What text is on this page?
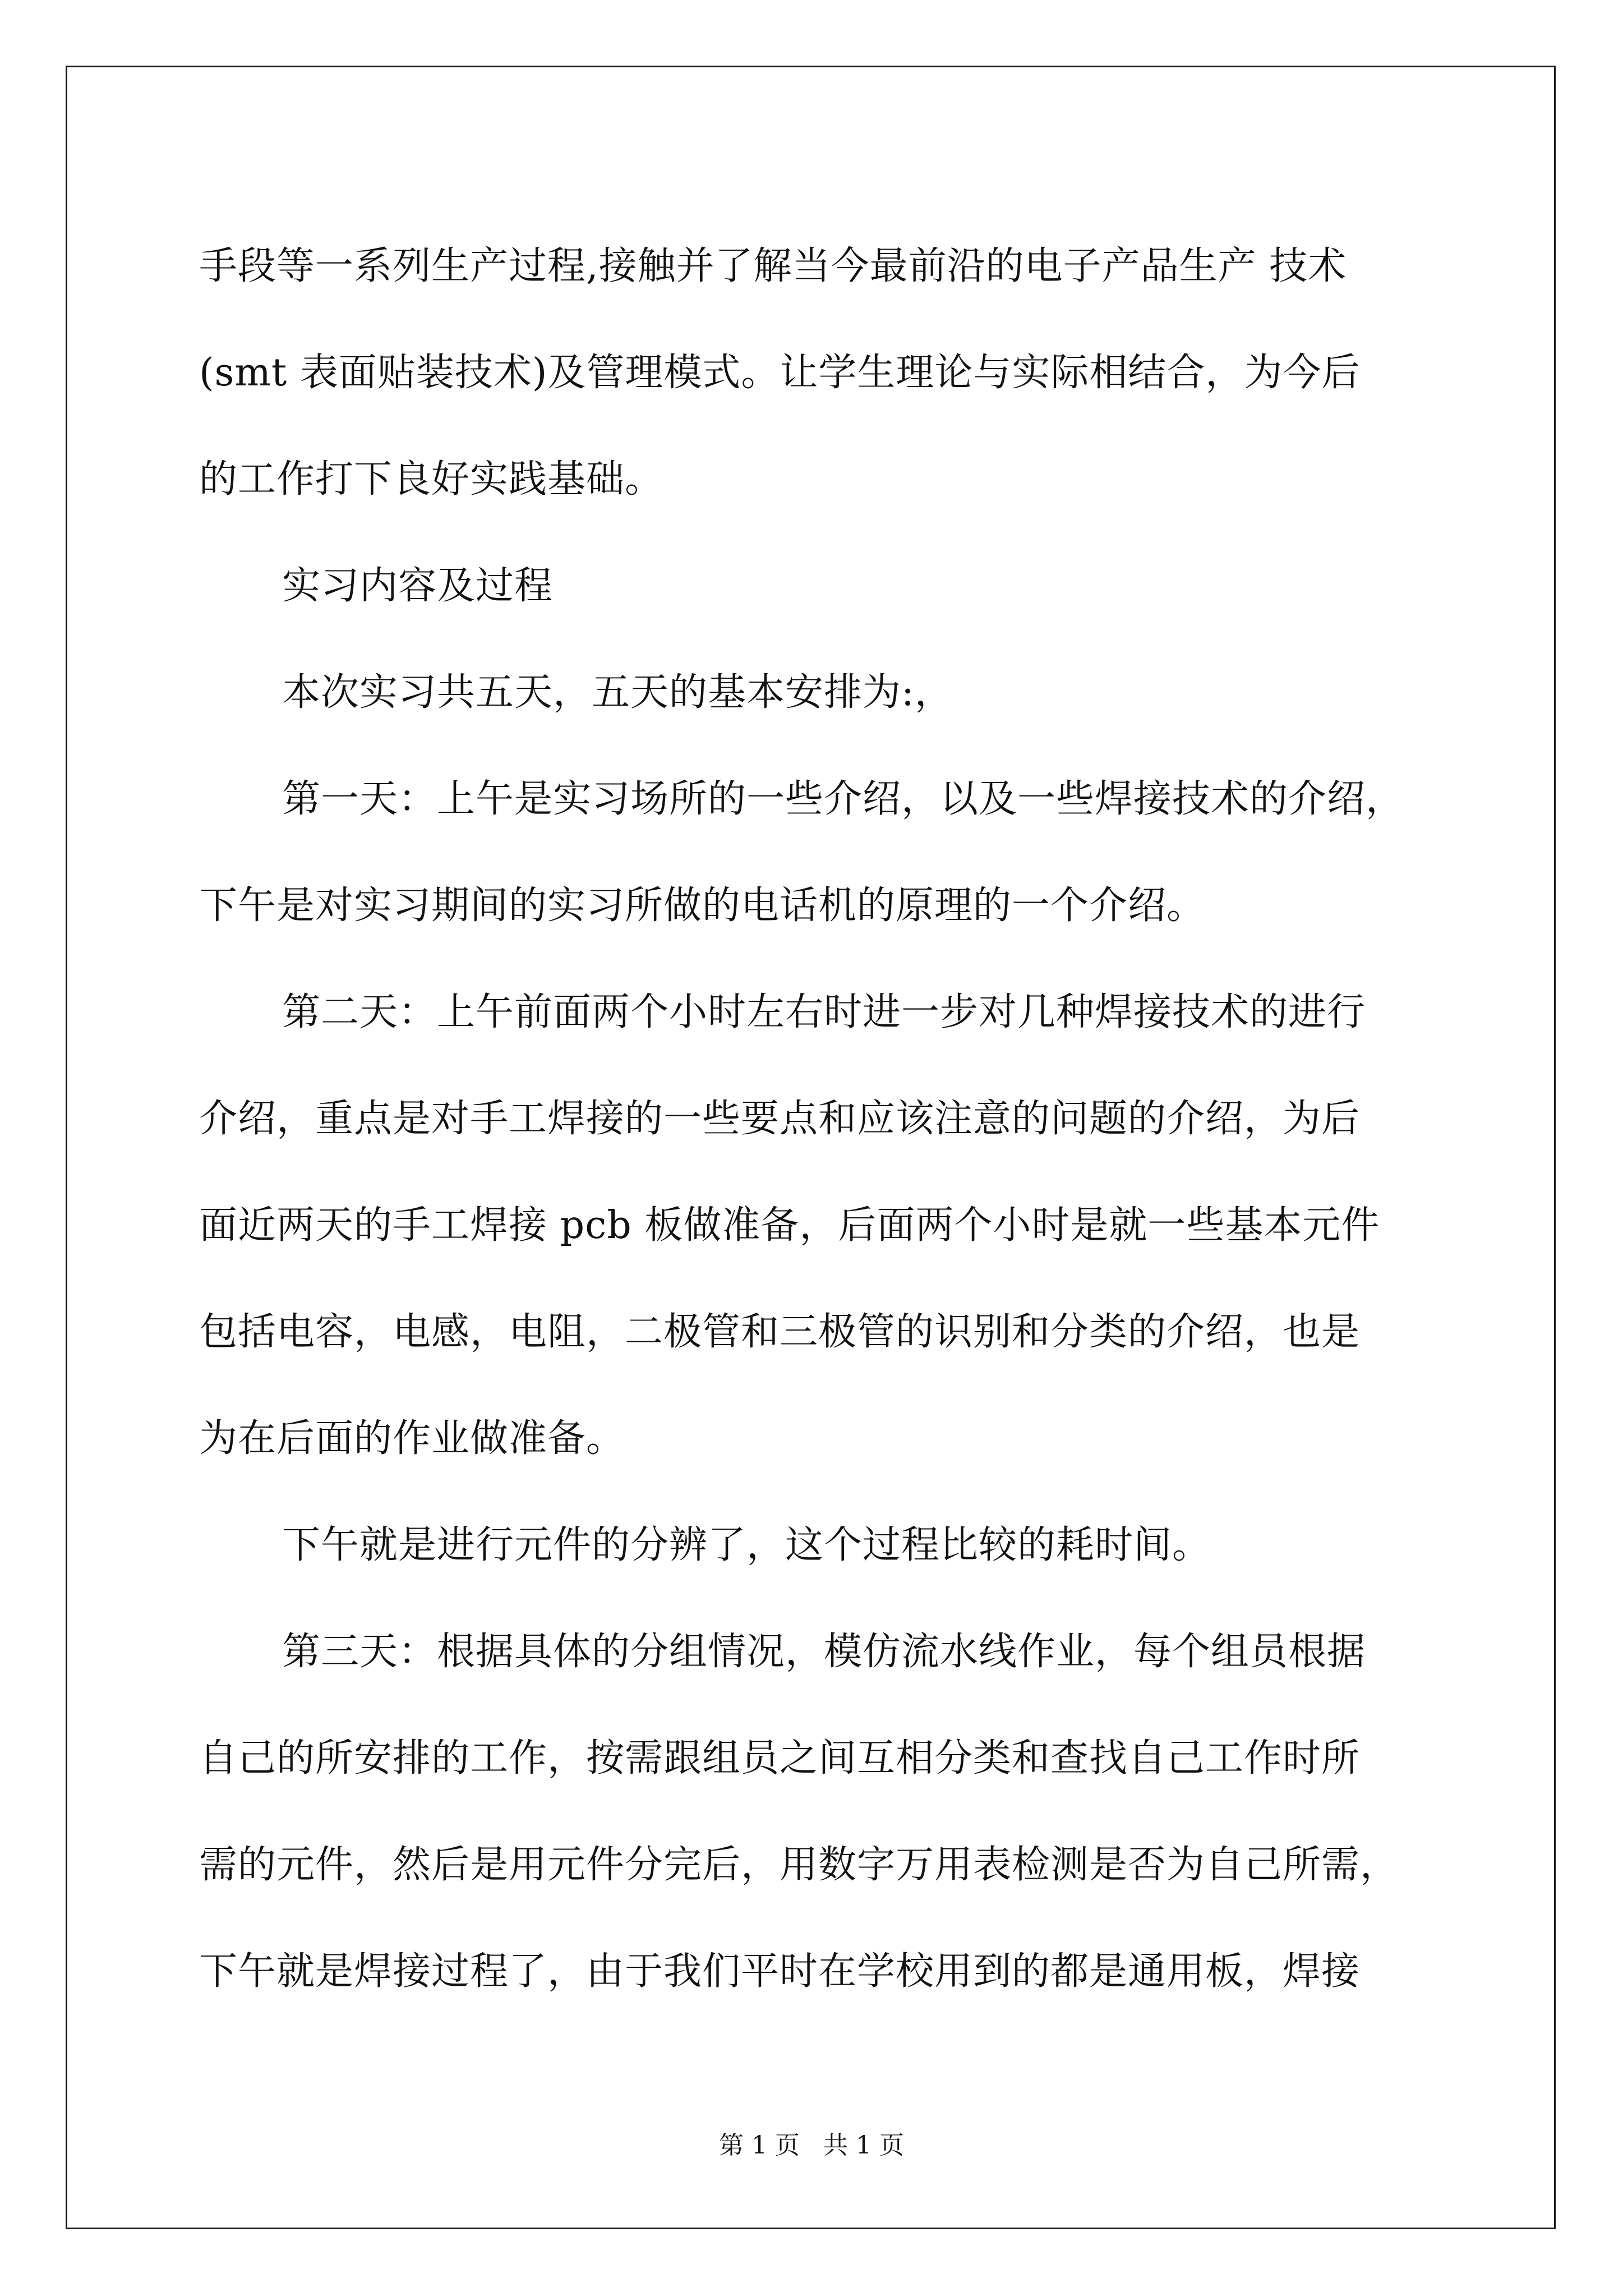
手段等一系列生产过程,接触并了解当今最前沿的电子产品生产 技术
(smt 表面贴装技术)及管理模式。让学生理论与实际相结合，为今后
的工作打下良好实践基础。
实习内容及过程
本次实习共五天，五天的基本安排为:，
第一天：上午是实习场所的一些介绍，以及一些焊接技术的介绍，
下午是对实习期间的实习所做的电话机的原理的一个介绍。
第二天：上午前面两个小时左右时进一步对几种焊接技术的进行
介绍，重点是对手工焊接的一些要点和应该注意的问题的介绍，为后
面近两天的手工焊接 pcb 板做准备，后面两个小时是就一些基本元件
包括电容，电感，电阻，二极管和三极管的识别和分类的介绍，也是
为在后面的作业做准备。
下午就是进行元件的分辨了，这个过程比较的耗时间。
第三天：根据具体的分组情况，模仿流水线作业，每个组员根据
自己的所安排的工作，按需跟组员之间互相分类和查找自己工作时所
需的元件，然后是用元件分完后，用数字万用表检测是否为自己所需，
下午就是焊接过程了，由于我们平时在学校用到的都是通用板，焊接
第 1 页   共 1 页
